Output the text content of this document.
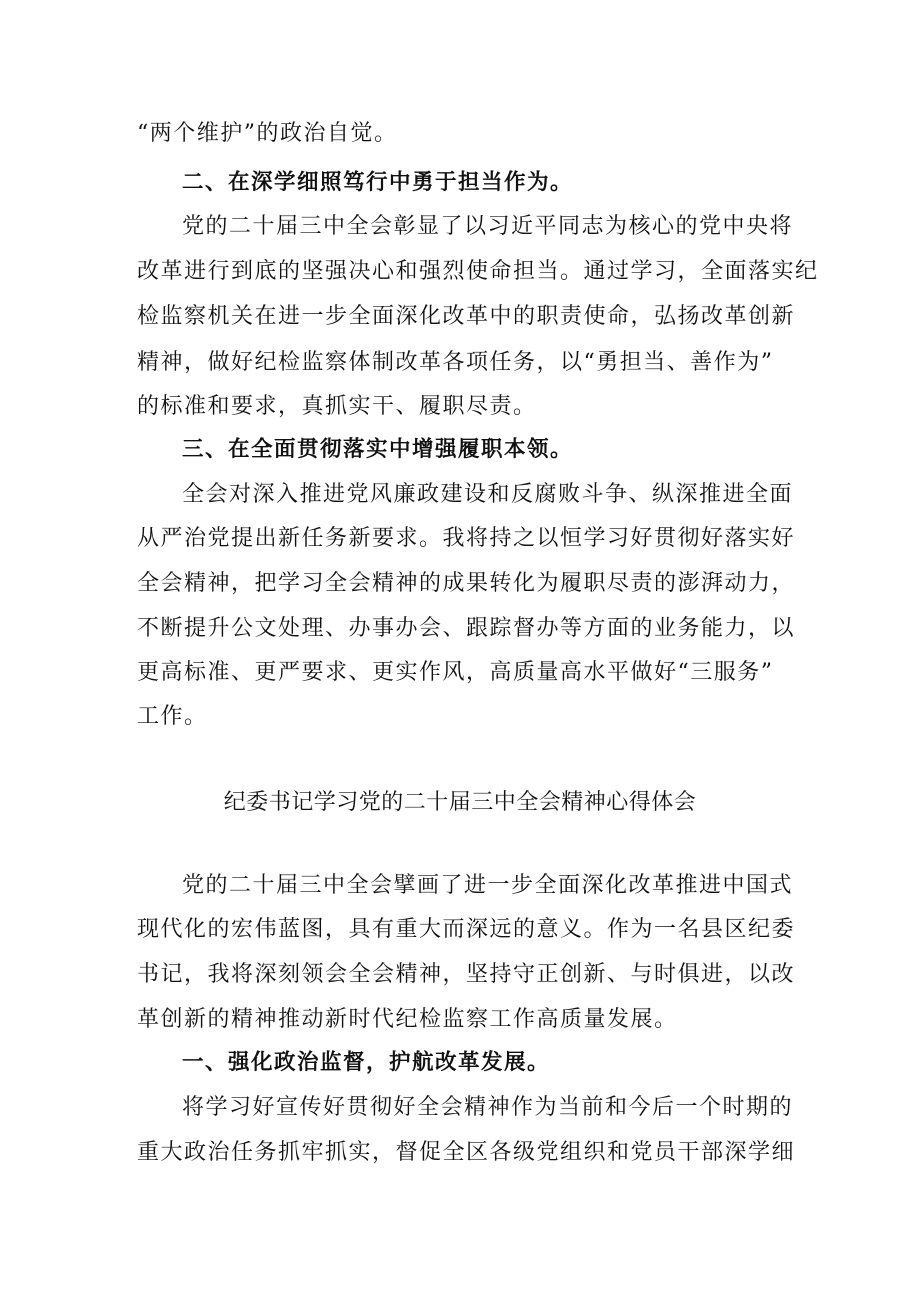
“两个维护”的政治自觉。
二、在深学细照笃行中勇于担当作为。
党的二十届三中全会彰显了以习近平同志为核心的党中央将
改革进行到底的坚强决心和强烈使命担当。通过学习，全面落实纪
检监察机关在进一步全面深化改革中的职责使命，弘扬改革创新
精神，做好纪检监察体制改革各项任务，以“勇担当、善作为”
的标准和要求，真抓实干、履职尽责。
三、在全面贯彻落实中增强履职本领。
全会对深入推进党风廉政建设和反腐败斗争、纵深推进全面
从严治党提出新任务新要求。我将持之以恒学习好贯彻好落实好
全会精神，把学习全会精神的成果转化为履职尽责的澎湃动力，
不断提升公文处理、办事办会、跟踪督办等方面的业务能力，以
更高标准、更严要求、更实作风，高质量高水平做好“三服务”
工作。
纪委书记学习党的二十届三中全会精神心得体会
党的二十届三中全会擘画了进一步全面深化改革推进中国式
现代化的宏伟蓝图，具有重大而深远的意义。作为一名县区纪委
书记，我将深刻领会全会精神，坚持守正创新、与时俱进，以改
革创新的精神推动新时代纪检监察工作高质量发展。
一、强化政治监督，护航改革发展。
将学习好宣传好贯彻好全会精神作为当前和今后一个时期的
重大政治任务抓牢抓实，督促全区各级党组织和党员干部深学细
